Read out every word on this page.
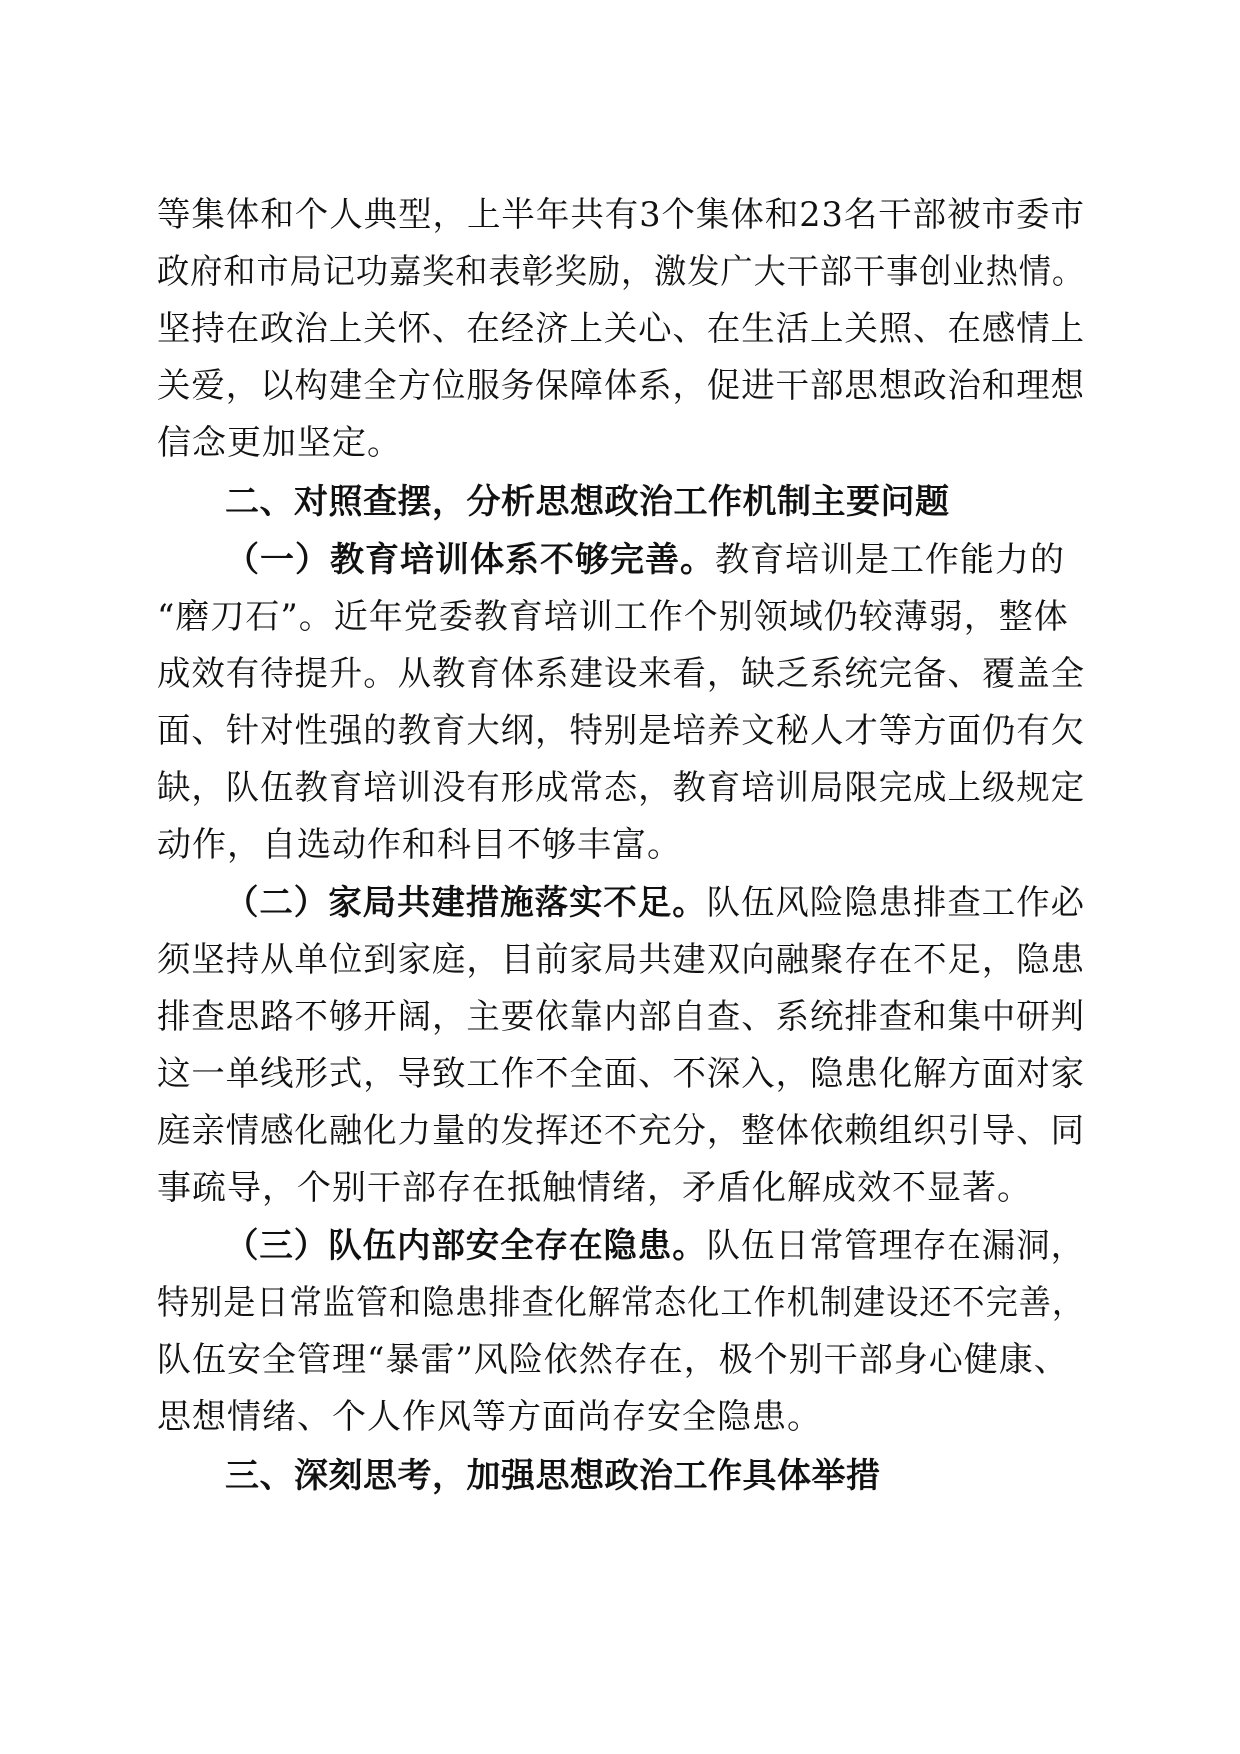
等集体和个人典型，上半年共有3个集体和23名干部被市委市
政府和市局记功嘉奖和表彰奖励，激发广大干部干事创业热情。
坚持在政治上关怀、在经济上关心、在生活上关照、在感情上
关爱，以构建全方位服务保障体系，促进干部思想政治和理想
信念更加坚定。
二、对照查摆，分析思想政治工作机制主要问题
（一）教育培训体系不够完善。教育培训是工作能力的
“磨刀石”。近年党委教育培训工作个别领域仍较薄弱，整体
成效有待提升。从教育体系建设来看，缺乏系统完备、覆盖全
面、针对性强的教育大纲，特别是培养文秘人才等方面仍有欠
缺，队伍教育培训没有形成常态，教育培训局限完成上级规定
动作，自选动作和科目不够丰富。
（二）家局共建措施落实不足。队伍风险隐患排查工作必
须坚持从单位到家庭，目前家局共建双向融聚存在不足，隐患
排查思路不够开阔，主要依靠内部自查、系统排查和集中研判
这一单线形式，导致工作不全面、不深入，隐患化解方面对家
庭亲情感化融化力量的发挥还不充分，整体依赖组织引导、同
事疏导，个别干部存在抵触情绪，矛盾化解成效不显著。
（三）队伍内部安全存在隐患。队伍日常管理存在漏洞，
特别是日常监管和隐患排查化解常态化工作机制建设还不完善，
队伍安全管理“暴雷”风险依然存在，极个别干部身心健康、
思想情绪、个人作风等方面尚存安全隐患。
三、深刻思考，加强思想政治工作具体举措
